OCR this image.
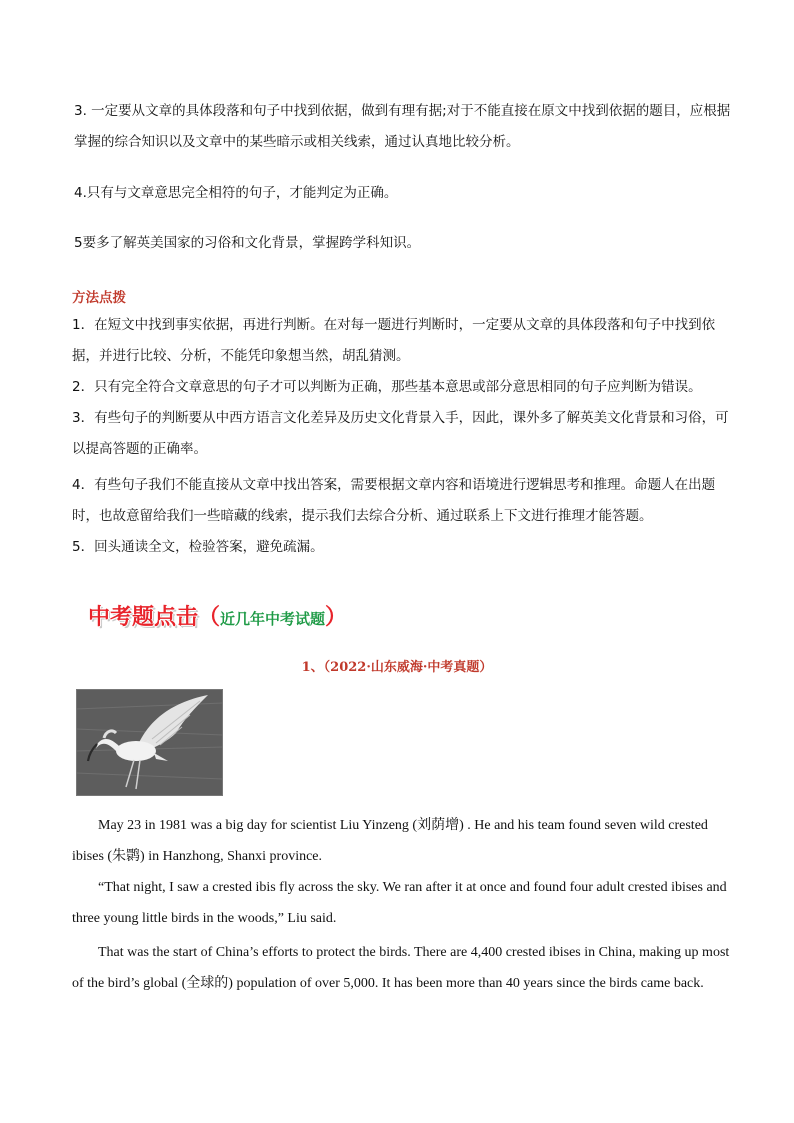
3. 一定要从文章的具体段落和句子中找到依据，做到有理有据;对于不能直接在原文中找到依据的题目，应根据掌握的综合知识以及文章中的某些暗示或相关线索，通过认真地比较分析。

4.只有与文章意思完全相符的句子，才能判定为正确。

5要多了解英美国家的习俗和文化背景，掌握跨学科知识。

方法点拨

1．在短文中找到事实依据，再进行判断。在对每一题进行判断时，一定要从文章的具体段落和句子中找到依据，并进行比较、分析，不能凭印象想当然，胡乱猜测。

2．只有完全符合文章意思的句子才可以判断为正确，那些基本意思或部分意思相同的句子应判断为错误。

3．有些句子的判断要从中西方语言文化差异及历史文化背景入手，因此，课外多了解英美文化背景和习俗，可以提高答题的正确率。

4．有些句子我们不能直接从文章中找出答案，需要根据文章内容和语境进行逻辑思考和推理。命题人在出题时，也故意留给我们一些暗藏的线索，提示我们去综合分析、通过联系上下文进行推理才能答题。

5．回头通读全文，检验答案，避免疏漏。

中考题点击（近几年中考试题）
1、（2022·山东威海·中考真题）

May 23 in 1981 was a big day for scientist Liu Yinzeng (刘荫增) . He and his team found seven wild crested ibises (朱鹮) in Hanzhong, Shanxi province.

“That night, I saw a crested ibis fly across the sky. We ran after it at once and found four adult crested ibises and three young little birds in the woods,” Liu said.

That was the start of China’s efforts to protect the birds. There are 4,400 crested ibises in China, making up most of the bird’s global (全球的) population of over 5,000. It has been more than 40 years since the birds came back.
